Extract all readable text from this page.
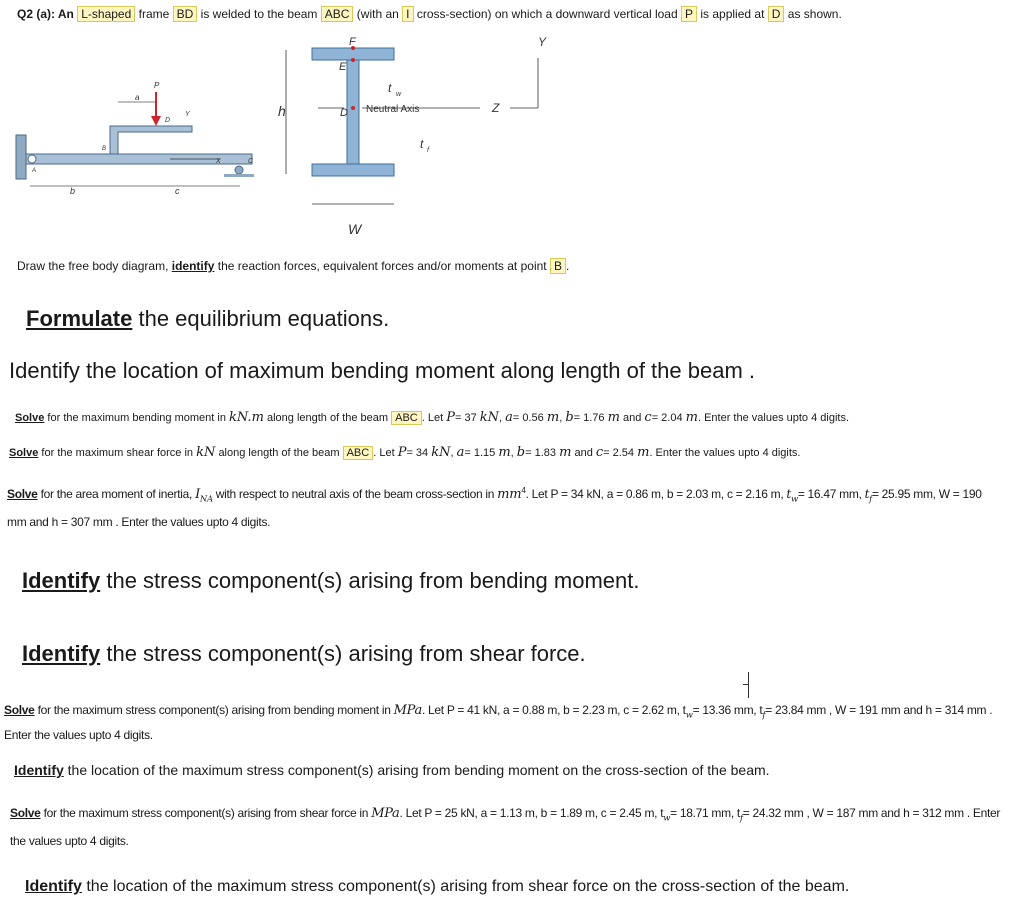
Q2 (a): An L-shaped frame BD is welded to the beam ABC (with an I cross-section) on which a downward vertical load P is applied at D as shown.
P
a
D
Y
B
X	C
A
b	c
F
E
h	D Neutral Axis
t w
t f
W
Z
Y
Draw the free body diagram, identify the reaction forces, equivalent forces and/or moments at point B .
Formulate the equilibrium equations.
Identify the location of maximum bending moment along length of the beam .
Solve for the maximum bending moment in kN.m along length of the beam ABC . Let P= 37 kN, a= 0.56 m, b= 1.76 m and c= 2.04 m. Enter the values upto 4 digits.
Solve for the maximum shear force in kN along length of the beam ABC . Let P= 34 kN, a= 1.15 m, b= 1.83 m and c= 2.54 m. Enter the values upto 4 digits.
Solve for the area moment of inertia, $I_{NA}$ with respect to neutral axis of the beam cross-section in $mm^4$. Let P = 34 kN, a = 0.86 m, b = 2.03 m, c = 2.16 m, $t_w= 16.47$ mm, $t_f= 25.95$ mm, W = 190
mm and h = 307 mm . Enter the values upto 4 digits.
Identify the stress component(s) arising from bending moment.
Identify the stress component(s) arising from shear force.
Solve for the maximum stress component(s) arising from bending moment in MPa. Let P = 41 kN, a = 0.88 m, b = 2.23 m, c = 2.62 m, $t_w= 13.36$ mm, $t_f= 23.84$ mm , W = 191 mm and h = 314 mm .
Enter the values upto 4 digits.
Identify the location of the maximum stress component(s) arising from bending moment on the cross-section of the beam.
Solve for the maximum stress component(s) arising from shear force in MPa. Let P = 25 kN, a = 1.13 m, b = 1.89 m, c = 2.45 m, $t_w= 18.71$ mm, $t_f= 24.32$ mm , W = 187 mm and h = 312 mm . Enter
the values upto 4 digits.
Identify the location of the maximum stress component(s) arising from shear force on the cross-section of the beam.
